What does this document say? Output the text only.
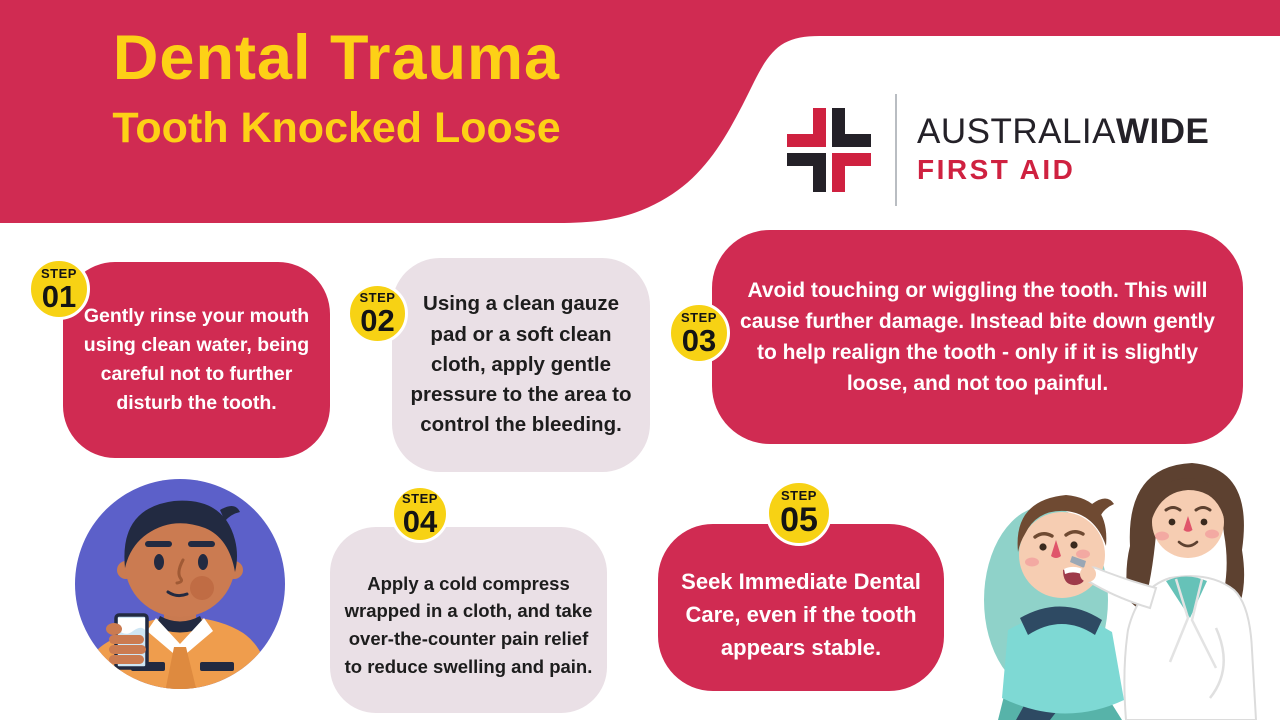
Dental Trauma
Tooth Knocked Loose	AUSTRALIAWIDE
FIRST AID
Gently rinse your mouth using clean water, being careful not to further disturb the tooth.
Using a clean gauze pad or a soft clean cloth, apply gentle pressure to the area to control the bleeding.
Avoid touching or wiggling the tooth. This will cause further damage. Instead bite down gently to help realign the tooth - only if it is slightly loose, and not too painful.
Apply a cold compress wrapped in a cloth, and take over-the-counter pain relief to reduce swelling and pain.
Seek Immediate Dental Care, even if the tooth appears stable.
STEP
01	STEP
02	STEP
03
STEP
04
STEP
05
